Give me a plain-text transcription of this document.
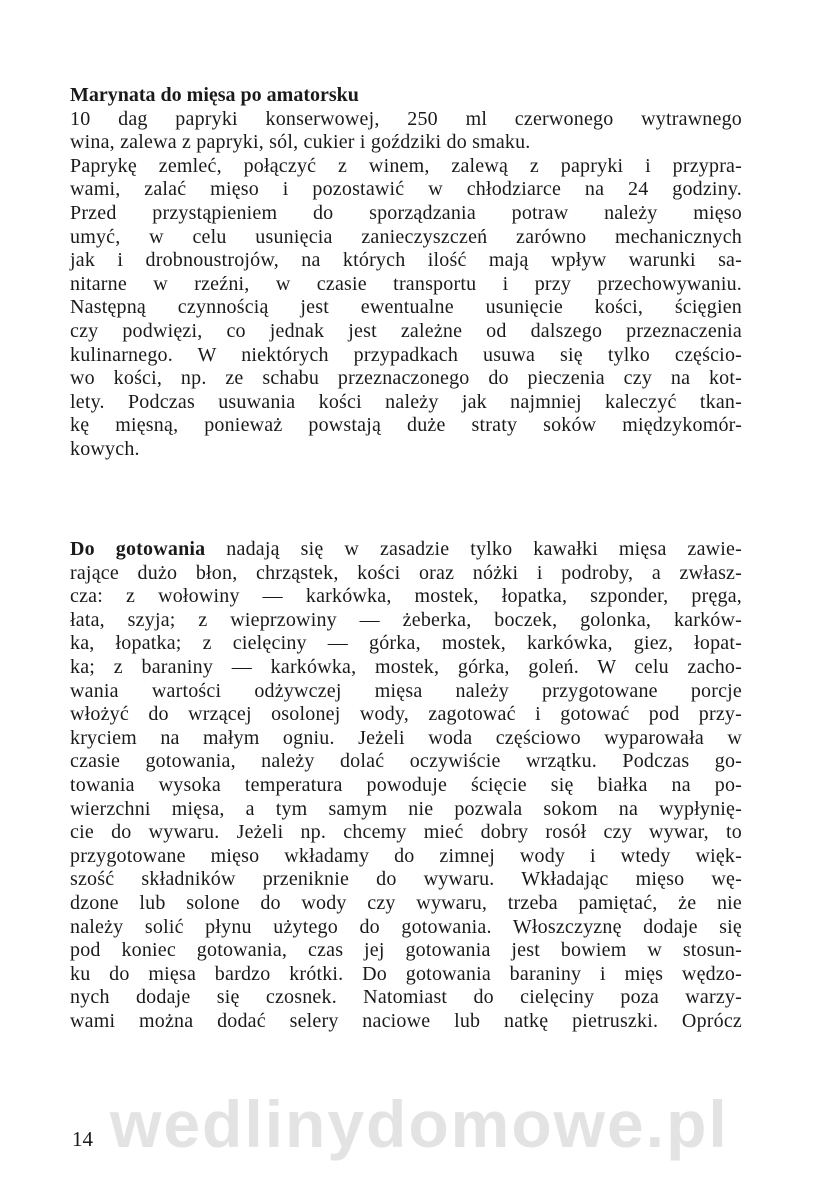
Marynata do mięsa po amatorsku
10 dag papryki konserwowej, 250 ml czerwonego wytrawnego
wina, zalewa z papryki, sól, cukier i goździki do smaku.
Paprykę zemleć, połączyć z winem, zalewą z papryki i przypra-
wami, zalać mięso i pozostawić w chłodziarce na 24 godziny.
Przed przystąpieniem do sporządzania potraw należy mięso
umyć, w celu usunięcia zanieczyszczeń zarówno mechanicznych
jak i drobnoustrojów, na których ilość mają wpływ warunki sa-
nitarne w rzeźni, w czasie transportu i przy przechowywaniu.
Następną czynnością jest ewentualne usunięcie kości, ścięgien
czy podwięzi, co jednak jest zależne od dalszego przeznaczenia
kulinarnego. W niektórych przypadkach usuwa się tylko częścio-
wo kości, np. ze schabu przeznaczonego do pieczenia czy na kot-
lety. Podczas usuwania kości należy jak najmniej kaleczyć tkan-
kę mięsną, ponieważ powstają duże straty soków międzykomór-
kowych.
Do gotowania nadają się w zasadzie tylko kawałki mięsa zawie-
rające dużo błon, chrząstek, kości oraz nóżki i podroby, a zwłasz-
cza: z wołowiny — karkówka, mostek, łopatka, szponder, pręga,
łata, szyja; z wieprzowiny — żeberka, boczek, golonka, karków-
ka, łopatka; z cielęciny — górka, mostek, karkówka, giez, łopat-
ka; z baraniny — karkówka, mostek, górka, goleń. W celu zacho-
wania wartości odżywczej mięsa należy przygotowane porcje
włożyć do wrzącej osolonej wody, zagotować i gotować pod przy-
kryciem na małym ogniu. Jeżeli woda częściowo wyparowała w
czasie gotowania, należy dolać oczywiście wrzątku. Podczas go-
towania wysoka temperatura powoduje ścięcie się białka na po-
wierzchni mięsa, a tym samym nie pozwala sokom na wypłynię-
cie do wywaru. Jeżeli np. chcemy mieć dobry rosół czy wywar, to
przygotowane mięso wkładamy do zimnej wody i wtedy więk-
szość składników przeniknie do wywaru. Wkładając mięso wę-
dzone lub solone do wody czy wywaru, trzeba pamiętać, że nie
należy solić płynu użytego do gotowania. Włoszczyznę dodaje się
pod koniec gotowania, czas jej gotowania jest bowiem w stosun-
ku do mięsa bardzo krótki. Do gotowania baraniny i mięs wędzo-
nych dodaje się czosnek. Natomiast do cielęciny poza warzy-
wami można dodać selery naciowe lub natkę pietruszki. Oprócz
wedlinydomowe.pl
14
